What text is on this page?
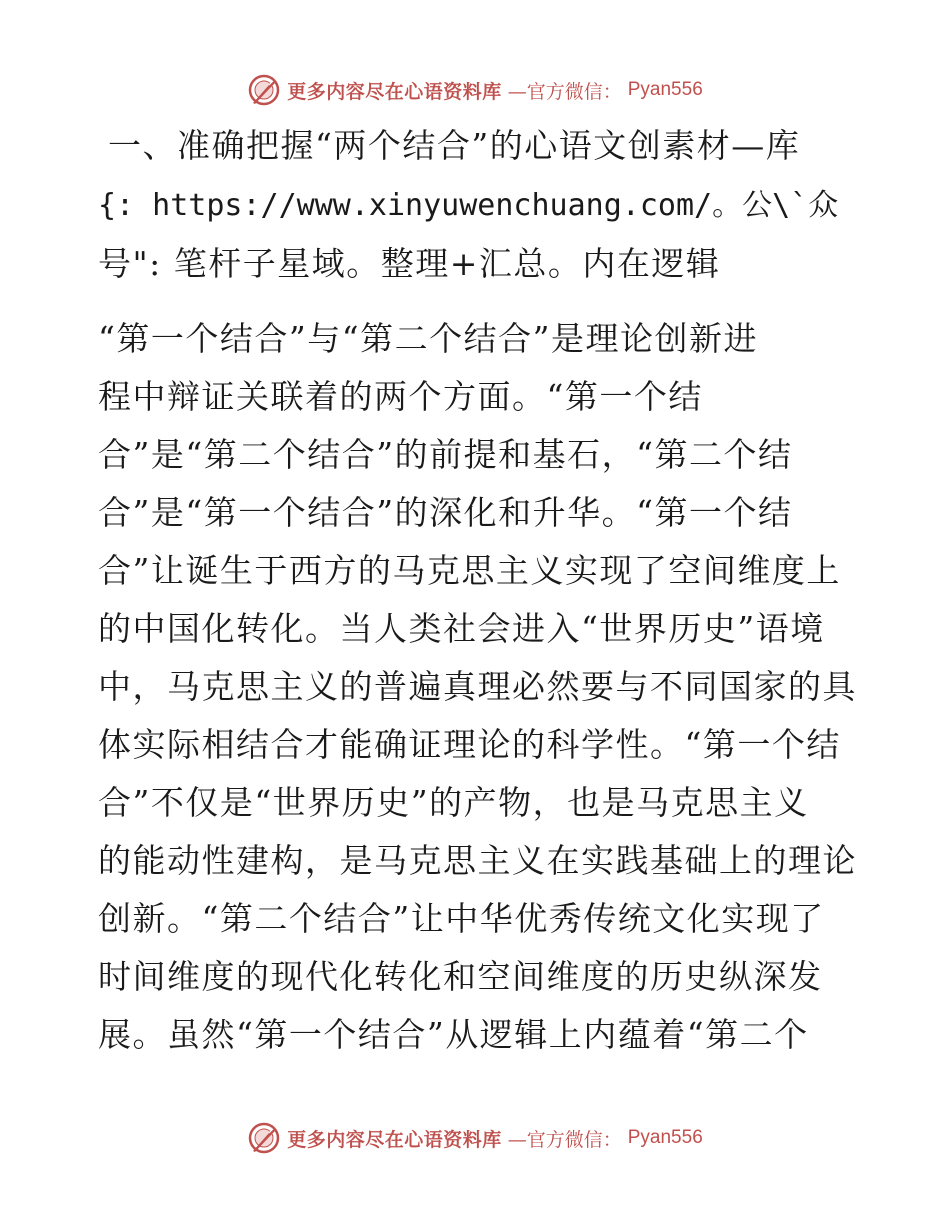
更多内容尽在心语资料库 —官方微信： Pyan556
一、准确把握“两个结合”的心语文创素材—库
{: https://www.xinyuwenchuang.com/。公\`众
号": 笔杆子星域。整理+汇总。内在逻辑
“第一个结合”与“第二个结合”是理论创新进
程中辩证关联着的两个方面。“第一个结
合”是“第二个结合”的前提和基石，“第二个结
合”是“第一个结合”的深化和升华。“第一个结
合”让诞生于西方的马克思主义实现了空间维度上
的中国化转化。当人类社会进入“世界历史”语境
中，马克思主义的普遍真理必然要与不同国家的具
体实际相结合才能确证理论的科学性。“第一个结
合”不仅是“世界历史”的产物，也是马克思主义
的能动性建构，是马克思主义在实践基础上的理论
创新。“第二个结合”让中华优秀传统文化实现了
时间维度的现代化转化和空间维度的历史纵深发
展。虽然“第一个结合”从逻辑上内蕴着“第二个
更多内容尽在心语资料库 —官方微信： Pyan556
